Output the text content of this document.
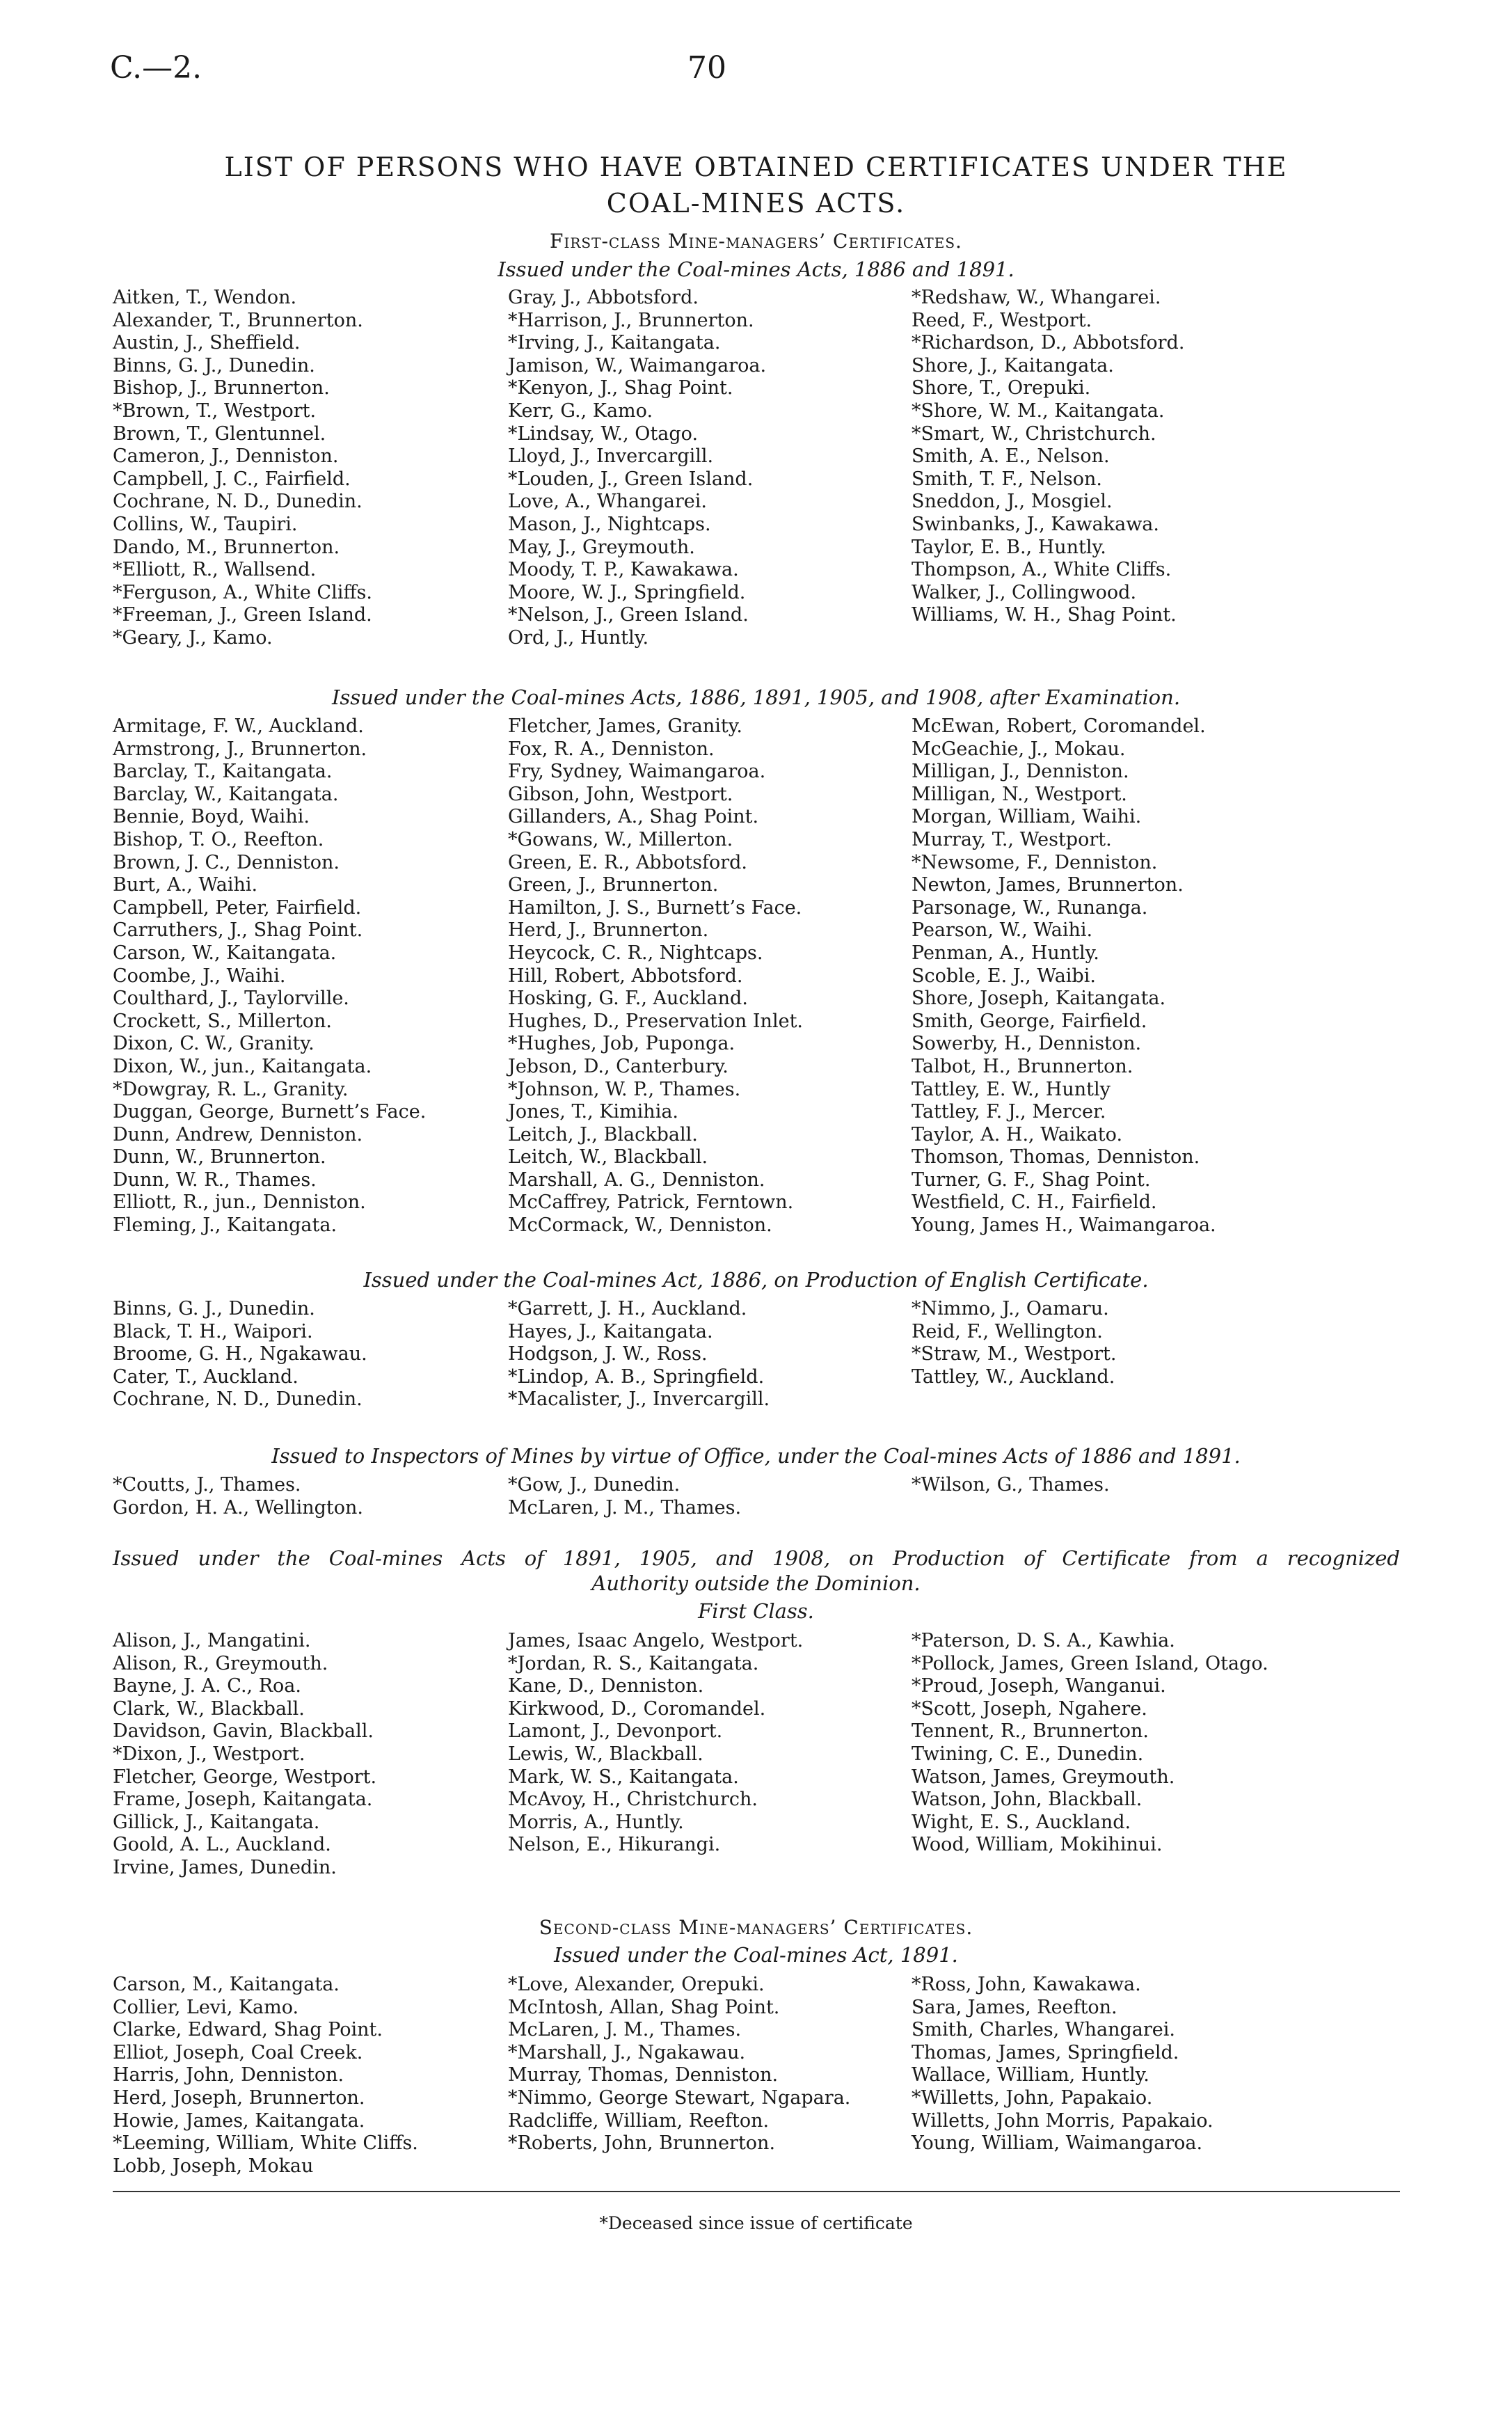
C.—2.	70
LIST OF PERSONS WHO HAVE OBTAINED CERTIFICATES UNDER THE
COAL-MINES ACTS.
First-class Mine-managers’ Certificates.
Issued under the Coal-mines Acts, 1886 and 1891.
Aitken, T., Wendon.
Alexander, T., Brunnerton.
Austin, J., Sheffield.
Binns, G. J., Dunedin.
Bishop, J., Brunnerton.
*Brown, T., Westport.
Brown, T., Glentunnel.
Cameron, J., Denniston.
Campbell, J. C., Fairfield.
Cochrane, N. D., Dunedin.
Collins, W., Taupiri.
Dando, M., Brunnerton.
*Elliott, R., Wallsend.
*Ferguson, A., White Cliffs.
*Freeman, J., Green Island.
*Geary, J., Kamo.
Gray, J., Abbotsford.
*Harrison, J., Brunnerton.
*Irving, J., Kaitangata.
Jamison, W., Waimangaroa.
*Kenyon, J., Shag Point.
Kerr, G., Kamo.
*Lindsay, W., Otago.
Lloyd, J., Invercargill.
*Louden, J., Green Island.
Love, A., Whangarei.
Mason, J., Nightcaps.
May, J., Greymouth.
Moody, T. P., Kawakawa.
Moore, W. J., Springfield.
*Nelson, J., Green Island.
Ord, J., Huntly.
*Redshaw, W., Whangarei.
Reed, F., Westport.
*Richardson, D., Abbotsford.
Shore, J., Kaitangata.
Shore, T., Orepuki.
*Shore, W. M., Kaitangata.
*Smart, W., Christchurch.
Smith, A. E., Nelson.
Smith, T. F., Nelson.
Sneddon, J., Mosgiel.
Swinbanks, J., Kawakawa.
Taylor, E. B., Huntly.
Thompson, A., White Cliffs.
Walker, J., Collingwood.
Williams, W. H., Shag Point.
Issued under the Coal-mines Acts, 1886, 1891, 1905, and 1908, after Examination.
Armitage, F. W., Auckland.
Armstrong, J., Brunnerton.
Barclay, T., Kaitangata.
Barclay, W., Kaitangata.
Bennie, Boyd, Waihi.
Bishop, T. O., Reefton.
Brown, J. C., Denniston.
Burt, A., Waihi.
Campbell, Peter, Fairfield.
Carruthers, J., Shag Point.
Carson, W., Kaitangata.
Coombe, J., Waihi.
Coulthard, J., Taylorville.
Crockett, S., Millerton.
Dixon, C. W., Granity.
Dixon, W., jun., Kaitangata.
*Dowgray, R. L., Granity.
Duggan, George, Burnett’s Face.
Dunn, Andrew, Denniston.
Dunn, W., Brunnerton.
Dunn, W. R., Thames.
Elliott, R., jun., Denniston.
Fleming, J., Kaitangata.
Fletcher, James, Granity.
Fox, R. A., Denniston.
Fry, Sydney, Waimangaroa.
Gibson, John, Westport.
Gillanders, A., Shag Point.
*Gowans, W., Millerton.
Green, E. R., Abbotsford.
Green, J., Brunnerton.
Hamilton, J. S., Burnett’s Face.
Herd, J., Brunnerton.
Heycock, C. R., Nightcaps.
Hill, Robert, Abbotsford.
Hosking, G. F., Auckland.
Hughes, D., Preservation Inlet.
*Hughes, Job, Puponga.
Jebson, D., Canterbury.
*Johnson, W. P., Thames.
Jones, T., Kimihia.
Leitch, J., Blackball.
Leitch, W., Blackball.
Marshall, A. G., Denniston.
McCaffrey, Patrick, Ferntown.
McCormack, W., Denniston.
McEwan, Robert, Coromandel.
McGeachie, J., Mokau.
Milligan, J., Denniston.
Milligan, N., Westport.
Morgan, William, Waihi.
Murray, T., Westport.
*Newsome, F., Denniston.
Newton, James, Brunnerton.
Parsonage, W., Runanga.
Pearson, W., Waihi.
Penman, A., Huntly.
Scoble, E. J., Waibi.
Shore, Joseph, Kaitangata.
Smith, George, Fairfield.
Sowerby, H., Denniston.
Talbot, H., Brunnerton.
Tattley, E. W., Huntly
Tattley, F. J., Mercer.
Taylor, A. H., Waikato.
Thomson, Thomas, Denniston.
Turner, G. F., Shag Point.
Westfield, C. H., Fairfield.
Young, James H., Waimangaroa.
Issued under the Coal-mines Act, 1886, on Production of English Certificate.
Binns, G. J., Dunedin.
Black, T. H., Waipori.
Broome, G. H., Ngakawau.
Cater, T., Auckland.
Cochrane, N. D., Dunedin.
*Garrett, J. H., Auckland.
Hayes, J., Kaitangata.
Hodgson, J. W., Ross.
*Lindop, A. B., Springfield.
*Macalister, J., Invercargill.
*Nimmo, J., Oamaru.
Reid, F., Wellington.
*Straw, M., Westport.
Tattley, W., Auckland.
Issued to Inspectors of Mines by virtue of Office, under the Coal-mines Acts of 1886 and 1891.
*Coutts, J., Thames.
Gordon, H. A., Wellington.
*Gow, J., Dunedin.
McLaren, J. M., Thames.
*Wilson, G., Thames.
Issued under the Coal-mines Acts of 1891, 1905, and 1908, on Production of Certificate from a recognized
Authority outside the Dominion.
First Class.
Alison, J., Mangatini.
Alison, R., Greymouth.
Bayne, J. A. C., Roa.
Clark, W., Blackball.
Davidson, Gavin, Blackball.
*Dixon, J., Westport.
Fletcher, George, Westport.
Frame, Joseph, Kaitangata.
Gillick, J., Kaitangata.
Goold, A. L., Auckland.
Irvine, James, Dunedin.
James, Isaac Angelo, Westport.
*Jordan, R. S., Kaitangata.
Kane, D., Denniston.
Kirkwood, D., Coromandel.
Lamont, J., Devonport.
Lewis, W., Blackball.
Mark, W. S., Kaitangata.
McAvoy, H., Christchurch.
Morris, A., Huntly.
Nelson, E., Hikurangi.
*Paterson, D. S. A., Kawhia.
*Pollock, James, Green Island, Otago.
*Proud, Joseph, Wanganui.
*Scott, Joseph, Ngahere.
Tennent, R., Brunnerton.
Twining, C. E., Dunedin.
Watson, James, Greymouth.
Watson, John, Blackball.
Wight, E. S., Auckland.
Wood, William, Mokihinui.
Second-class Mine-managers’ Certificates.
Issued under the Coal-mines Act, 1891.
Carson, M., Kaitangata.
Collier, Levi, Kamo.
Clarke, Edward, Shag Point.
Elliot, Joseph, Coal Creek.
Harris, John, Denniston.
Herd, Joseph, Brunnerton.
Howie, James, Kaitangata.
*Leeming, William, White Cliffs.
Lobb, Joseph, Mokau
*Love, Alexander, Orepuki.
McIntosh, Allan, Shag Point.
McLaren, J. M., Thames.
*Marshall, J., Ngakawau.
Murray, Thomas, Denniston.
*Nimmo, George Stewart, Ngapara.
Radcliffe, William, Reefton.
*Roberts, John, Brunnerton.
*Ross, John, Kawakawa.
Sara, James, Reefton.
Smith, Charles, Whangarei.
Thomas, James, Springfield.
Wallace, William, Huntly.
*Willetts, John, Papakaio.
Willetts, John Morris, Papakaio.
Young, William, Waimangaroa.
*Deceased since issue of certificate
